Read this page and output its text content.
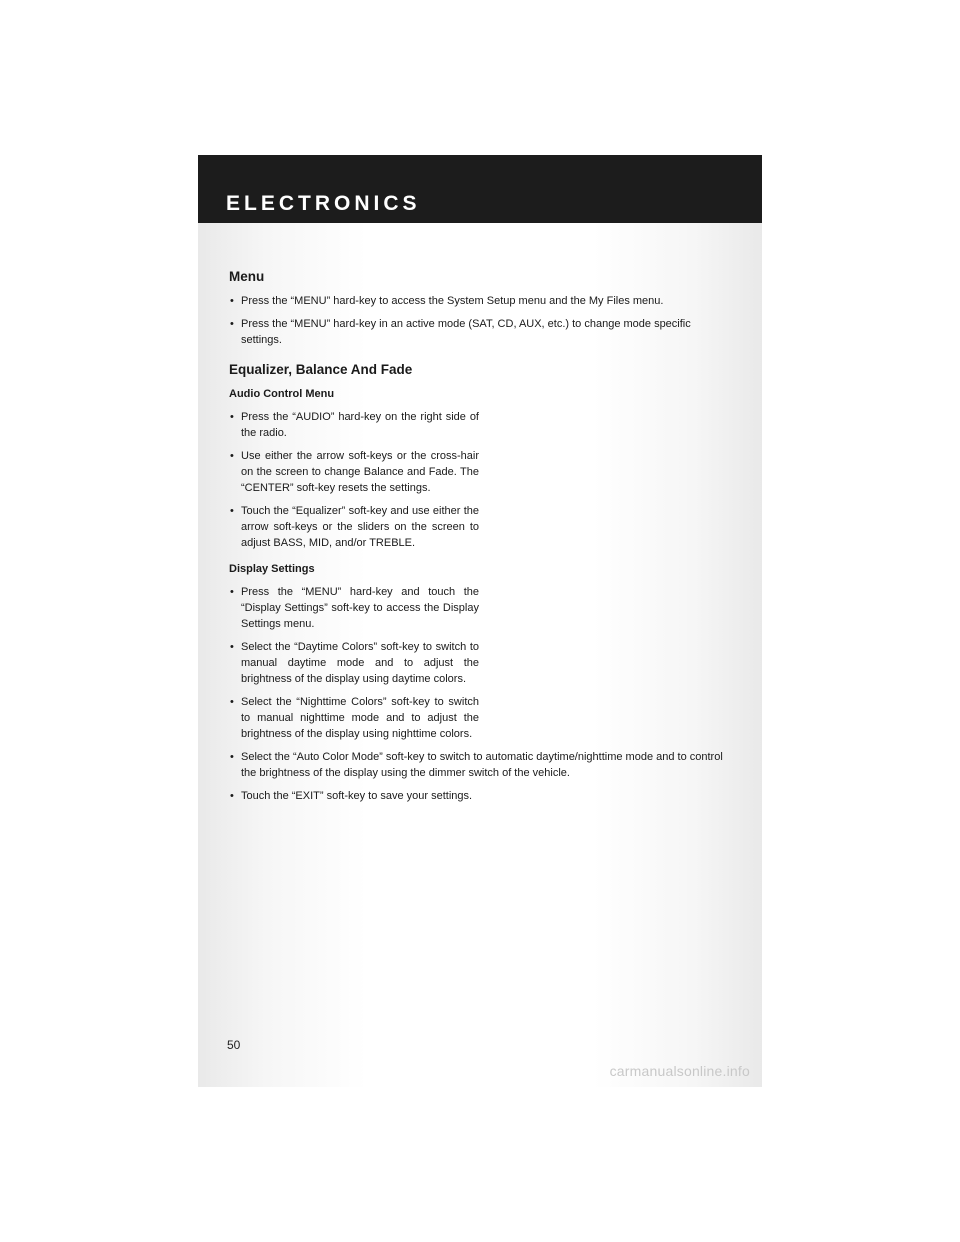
ELECTRONICS
Menu
• Press the “MENU” hard-key to access the System Setup menu and the My Files menu.
• Press the “MENU” hard-key in an active mode (SAT, CD, AUX, etc.) to change mode specific settings.
Equalizer, Balance And Fade
Audio Control Menu
• Press the “AUDIO” hard-key on the right side of the radio.
• Use either the arrow soft-keys or the cross-hair on the screen to change Balance and Fade. The “CENTER” soft-key resets the settings.
• Touch the “Equalizer” soft-key and use either the arrow soft-keys or the sliders on the screen to adjust BASS, MID, and/or TREBLE.
Display Settings
• Press the “MENU” hard-key and touch the “Display Settings” soft-key to access the Display Settings menu.
• Select the “Daytime Colors” soft-key to switch to manual daytime mode and to adjust the brightness of the display using daytime colors.
• Select the “Nighttime Colors” soft-key to switch to manual nighttime mode and to adjust the brightness of the display using nighttime colors.
• Select the “Auto Color Mode” soft-key to switch to automatic daytime/nighttime mode and to control the brightness of the display using the dimmer switch of the vehicle.
• Touch the “EXIT” soft-key to save your settings.
50
carmanualsonline.info
